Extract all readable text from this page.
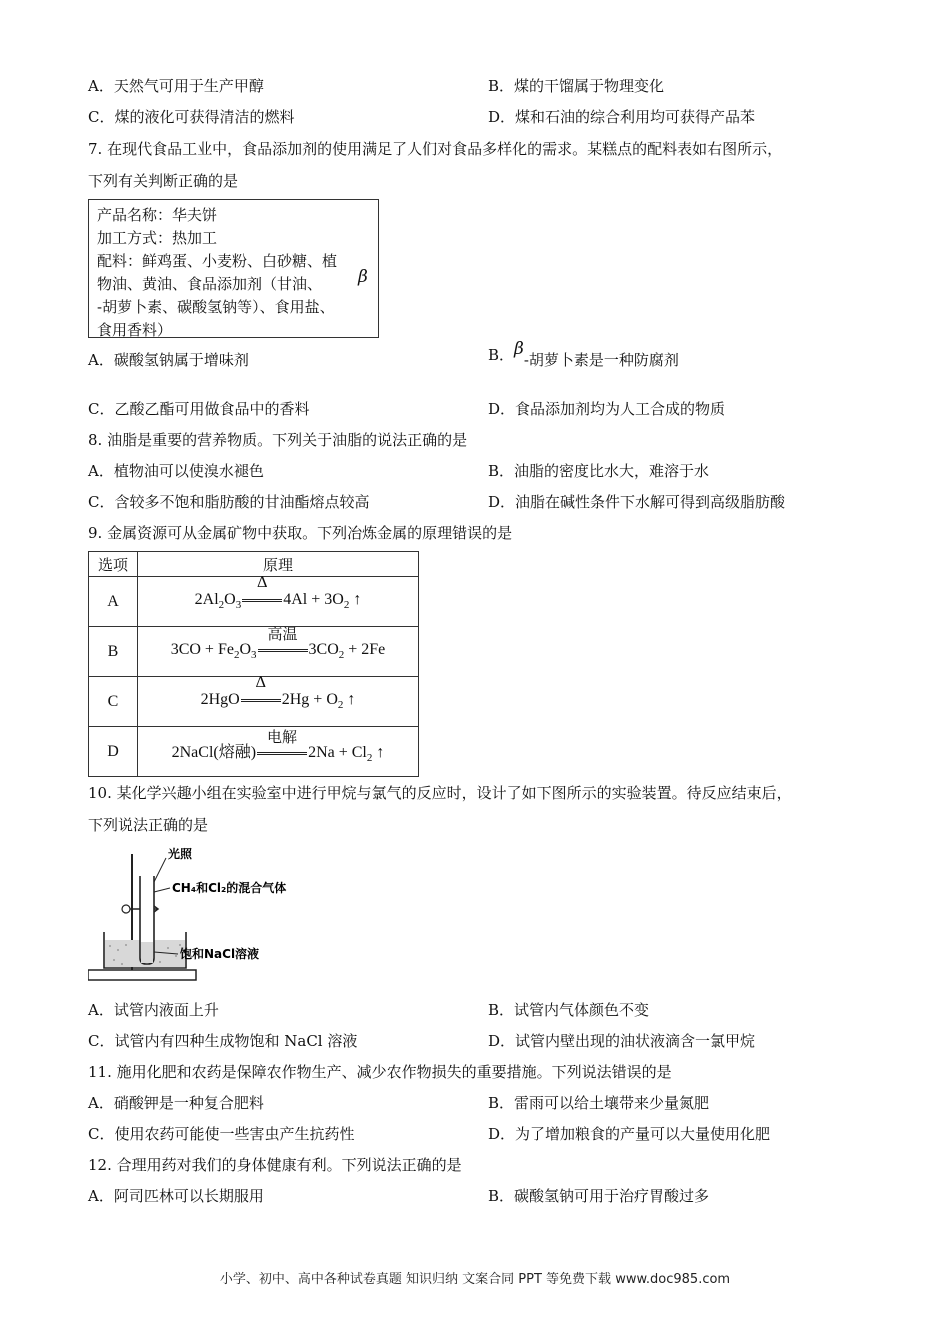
A．天然气可用于生产甲醇	B．煤的干馏属于物理变化
C．煤的液化可获得清洁的燃料	D．煤和石油的综合利用均可获得产品苯
7. 在现代食品工业中，食品添加剂的使用满足了人们对食品多样化的需求。某糕点的配料表如右图所示，
下列有关判断正确的是
产品名称：华夫饼
加工方式：热加工
配料：鲜鸡蛋、小麦粉、白砂糖、植
物油、黄油、食品添加剂（甘油、	β
-胡萝卜素、碳酸氢钠等）、食用盐、
食用香料）
A．碳酸氢钠属于增味剂	B．β-胡萝卜素是一种防腐剂
C．乙酸乙酯可用做食品中的香料	D．食品添加剂均为人工合成的物质
8. 油脂是重要的营养物质。下列关于油脂的说法正确的是
A．植物油可以使溴水褪色	B．油脂的密度比水大，难溶于水
C．含较多不饱和脂肪酸的甘油酯熔点较高	D．油脂在碱性条件下水解可得到高级脂肪酸
9. 金属资源可从金属矿物中获取。下列冶炼金属的原理错误的是
选项	原理
A	$2Al_2O_3$
Δ
$4Al + 3O_2$ ↑
B	$3CO + Fe_2O_3$
高温
$3CO_2 + 2Fe$
C	2HgO
Δ
$2Hg + O_2$ ↑
D	2NaCl(熔融)
电解
$2Na + Cl_2$ ↑
10. 某化学兴趣小组在实验室中进行甲烷与氯气的反应时，设计了如下图所示的实验装置。待反应结束后，
下列说法正确的是
光照
CH₄和Cl₂的混合气体
饱和NaCl溶液
A．试管内液面上升	B．试管内气体颜色不变
C．试管内有四种生成物饱和 NaCl 溶液	D．试管内壁出现的油状液滴含一氯甲烷
11. 施用化肥和农药是保障农作物生产、减少农作物损失的重要措施。下列说法错误的是
A．硝酸钾是一种复合肥料	B．雷雨可以给土壤带来少量氮肥
C．使用农药可能使一些害虫产生抗药性	D．为了增加粮食的产量可以大量使用化肥
12. 合理用药对我们的身体健康有利。下列说法正确的是
A．阿司匹林可以长期服用	B．碳酸氢钠可用于治疗胃酸过多
小学、初中、高中各种试卷真题 知识归纳 文案合同 PPT 等免费下载 www.doc985.com
